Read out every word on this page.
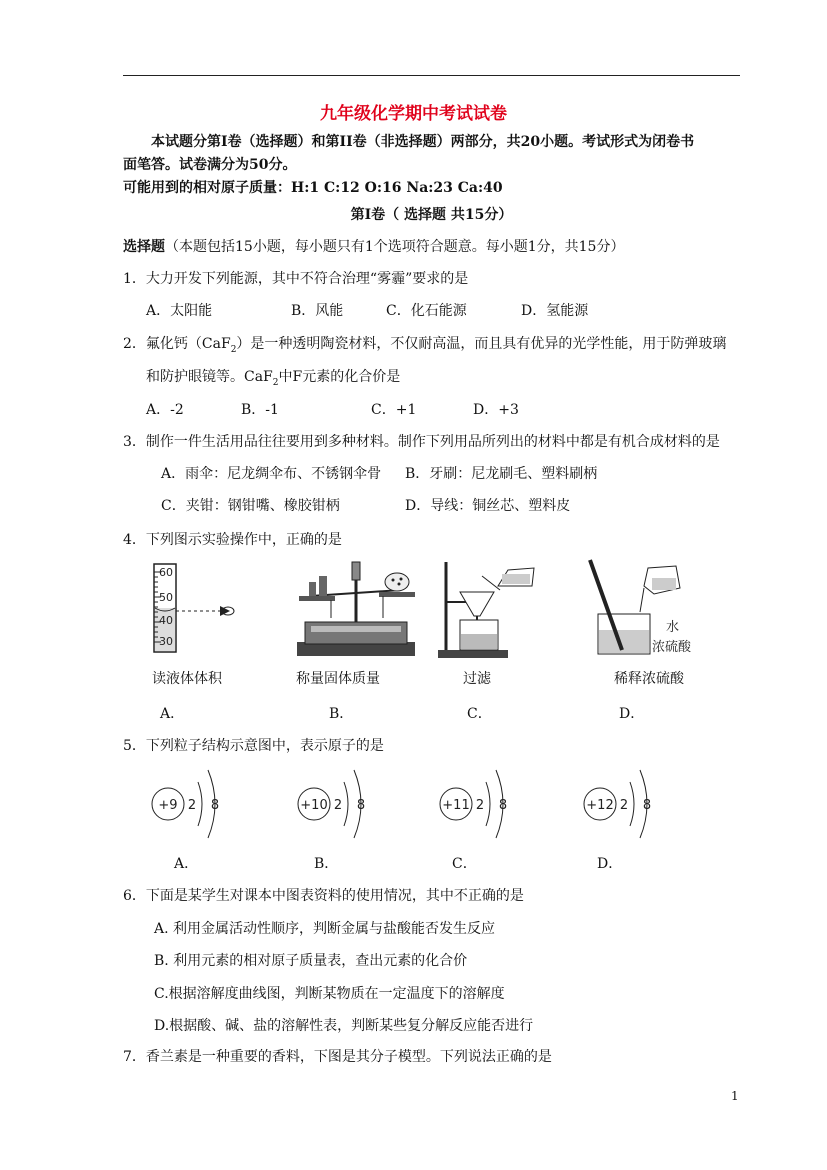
九年级化学期中考试试卷
本试题分第Ⅰ卷（选择题）和第II卷（非选择题）两部分，共20小题。考试形式为闭卷书
面笔答。试卷满分为50分。
可能用到的相对原子质量：H:1 C:12 O:16 Na:23 Ca:40
第Ⅰ卷（ 选择题 共15分）
选择题（本题包括15小题，每小题只有1个选项符合题意。每小题1分，共15分）
1．大力开发下列能源，其中不符合治理“雾霾”要求的是
A．太阳能	B．风能	C．化石能源	D．氢能源
2．氟化钙（CaF$_2$）是一种透明陶瓷材料，不仅耐高温，而且具有优异的光学性能，用于防弹玻璃
和防护眼镜等。CaF$_2$中F元素的化合价是
A．-2	B．-1	C．+1	D．+3
3．制作一件生活用品往往要用到多种材料。制作下列用品所列出的材料中都是有机合成材料的是
A．雨伞：尼龙绸伞布、不锈钢伞骨 B．牙刷：尼龙刷毛、塑料刷柄
C．夹钳：钢钳嘴、橡胶钳柄	D．导线：铜丝芯、塑料皮
4．下列图示实验操作中，正确的是
60
50
40
30
读液体体积
A．
称量固体质量
B．
过滤
C．
水
浓硫酸
稀释浓硫酸
D．
5．下列粒子结构示意图中，表示原子的是
+9 2 8	+10 2 8	+11 2 8	+12 2 8
A．	B．	C．	D．
6．下面是某学生对课本中图表资料的使用情况，其中不正确的是
A. 利用金属活动性顺序，判断金属与盐酸能否发生反应
B. 利用元素的相对原子质量表，查出元素的化合价
C.根据溶解度曲线图，判断某物质在一定温度下的溶解度
D.根据酸、碱、盐的溶解性表，判断某些复分解反应能否进行
7．香兰素是一种重要的香料，下图是其分子模型。下列说法正确的是
1
